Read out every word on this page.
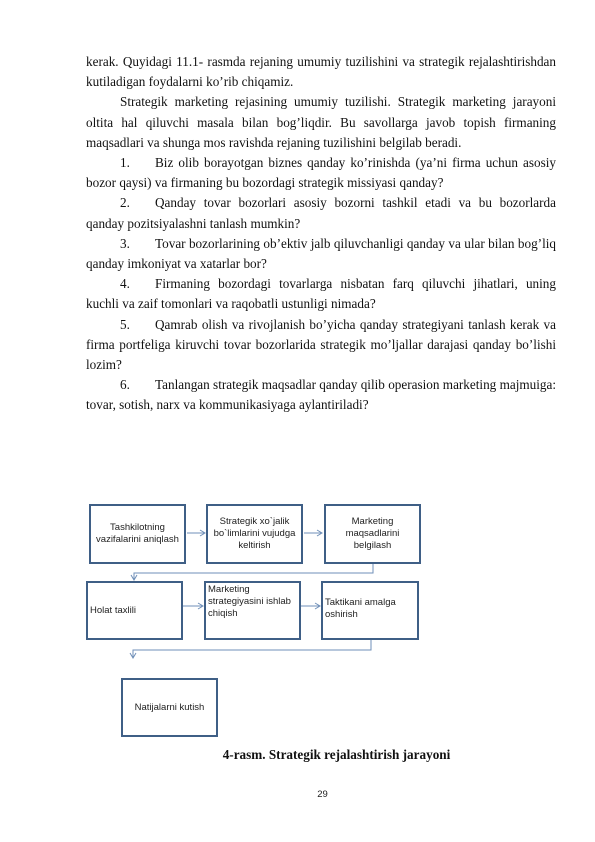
kerak. Quyidagi 11.1- rasmda rejaning umumiy tuzilishini va strategik rejalashtirishdan kutiladigan foydalarni ko’rib chiqamiz.

Strategik marketing rejasining umumiy tuzilishi. Strategik marketing jarayoni oltita hal qiluvchi masala bilan bog’liqdir. Bu savollarga javob topish firmaning maqsadlari va shunga mos ravishda rejaning tuzilishini belgilab beradi.

1.	Biz olib borayotgan biznes qanday ko’rinishda (ya’ni firma uchun asosiy bozor qaysi) va firmaning bu bozordagi strategik missiyasi qanday?

2.	Qanday tovar bozorlari asosiy bozorni tashkil etadi va bu bozorlarda qanday pozitsiyalashni tanlash mumkin?

3.	Tovar bozorlarining ob’ektiv jalb qiluvchanligi qanday va ular bilan bog’liq qanday imkoniyat va xatarlar bor?

4.	Firmaning bozordagi tovarlarga nisbatan farq qiluvchi jihatlari, uning kuchli va zaif tomonlari va raqobatli ustunligi nimada?

5.	Qamrab olish va rivojlanish bo’yicha qanday strategiyani tanlash kerak va firma portfeliga kiruvchi tovar bozorlarida strategik mo’ljallar darajasi qanday bo’lishi lozim?

6.	Tanlangan strategik maqsadlar qanday qilib operasion marketing majmuiga: tovar, sotish, narx va kommunikasiyaga aylantiriladi?

Tashkilotning vazifalarini aniqlash
Strategik xo`jalik bo`limlarini vujudga keltirish
Marketing maqsadlarini belgilash
Holat taxlili
Marketing strategiyasini ishlab chiqish
Taktikani amalga oshirish
Natijalarni kutish
4-rasm. Strategik rejalashtirish jarayoni
29
